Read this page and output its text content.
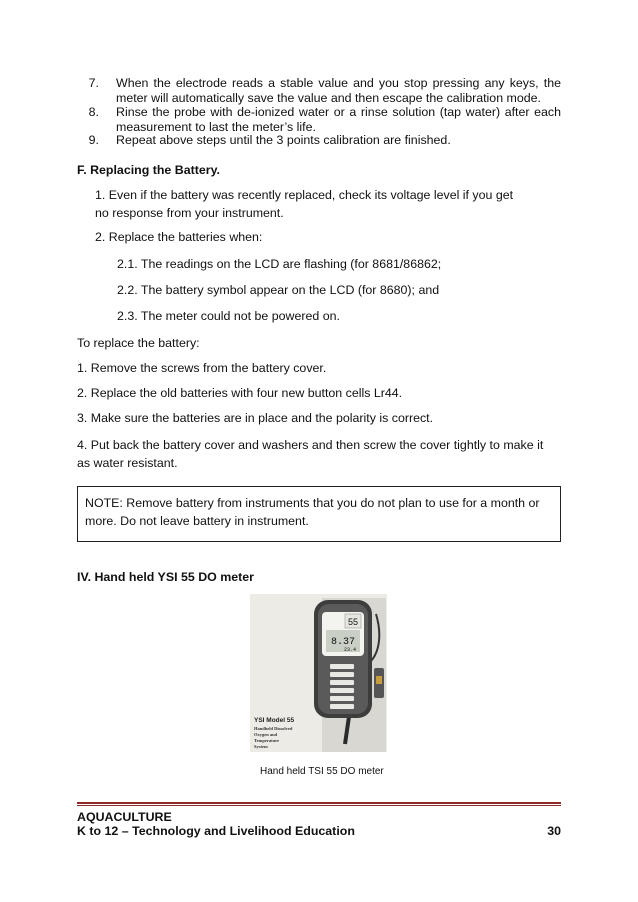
7. When the electrode reads a stable value and you stop pressing any keys, the meter will automatically save the value and then escape the calibration mode.
8. Rinse the probe with de-ionized water or a rinse solution (tap water) after each measurement to last the meter’s life.
9. Repeat above steps until the 3 points calibration are finished.
F. Replacing the Battery.
1. Even if the battery was recently replaced, check its voltage level if you get no response from your instrument.
2. Replace the batteries when:
2.1. The readings on the LCD are flashing (for 8681/86862;
2.2. The battery symbol appear on the LCD (for 8680); and
2.3. The meter could not be powered on.
To replace the battery:
1. Remove the screws from the battery cover.
2. Replace the old batteries with four new button cells Lr44.
3. Make sure the batteries are in place and the polarity is correct.
4. Put back the battery cover and washers and then screw the cover tightly to make it as water resistant.
NOTE: Remove battery from instruments that you do not plan to use for a month or more. Do not leave battery in instrument.
IV. Hand held YSI 55 DO meter
8.37
23.4
55
YSI Model 55
Handheld Dissolved
Oxygen and
Temperature
System
Hand held TSI 55 DO meter
AQUACULTURE
K to 12 – Technology and Livelihood Education	30
